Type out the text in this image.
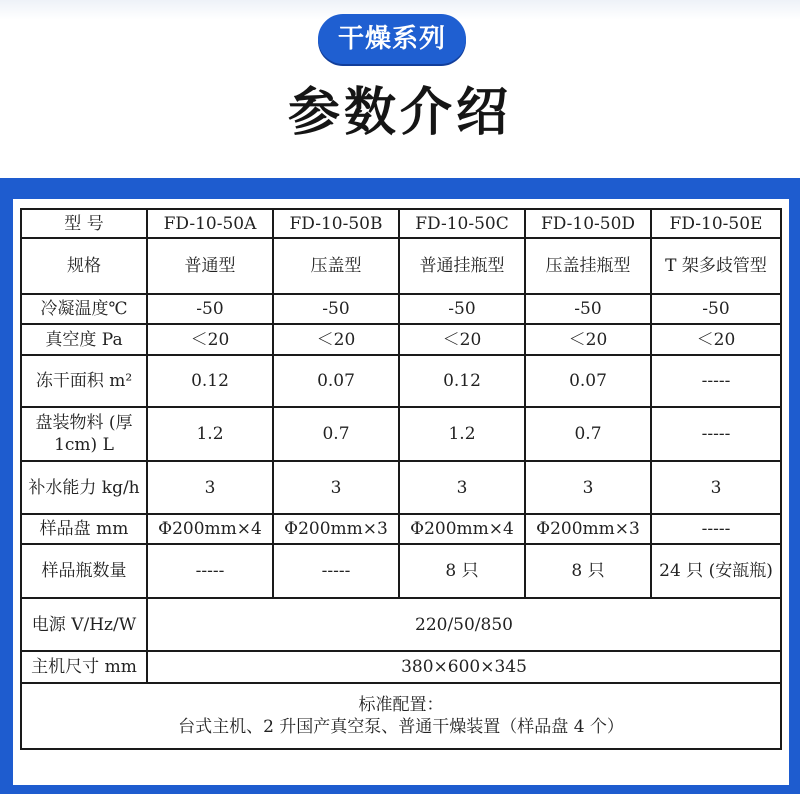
干燥系列
参数介绍
型 号	FD-10-50A	FD-10-50B	FD-10-50C	FD-10-50D	FD-10-50E
规格	普通型	压盖型	普通挂瓶型	压盖挂瓶型	T 架多歧管型
冷凝温度℃	-50	-50	-50	-50	-50
真空度 Pa	＜20	＜20	＜20	＜20	＜20
冻干面积 m²	0.12	0.07	0.12	0.07	-----
盘装物料 (厚 1cm) L	1.2	0.7	1.2	0.7	-----
补水能力 kg/h	3	3	3	3	3
样品盘 mm	Φ200mm×4	Φ200mm×3	Φ200mm×4	Φ200mm×3	-----
样品瓶数量	-----	-----	8 只	8 只	24 只 (安瓿瓶)
电源 V/Hz/W	220/50/850				
主机尺寸 mm	380×600×345				

标准配置：
台式主机、2 升国产真空泵、普通干燥装置（样品盘 4 个）					
